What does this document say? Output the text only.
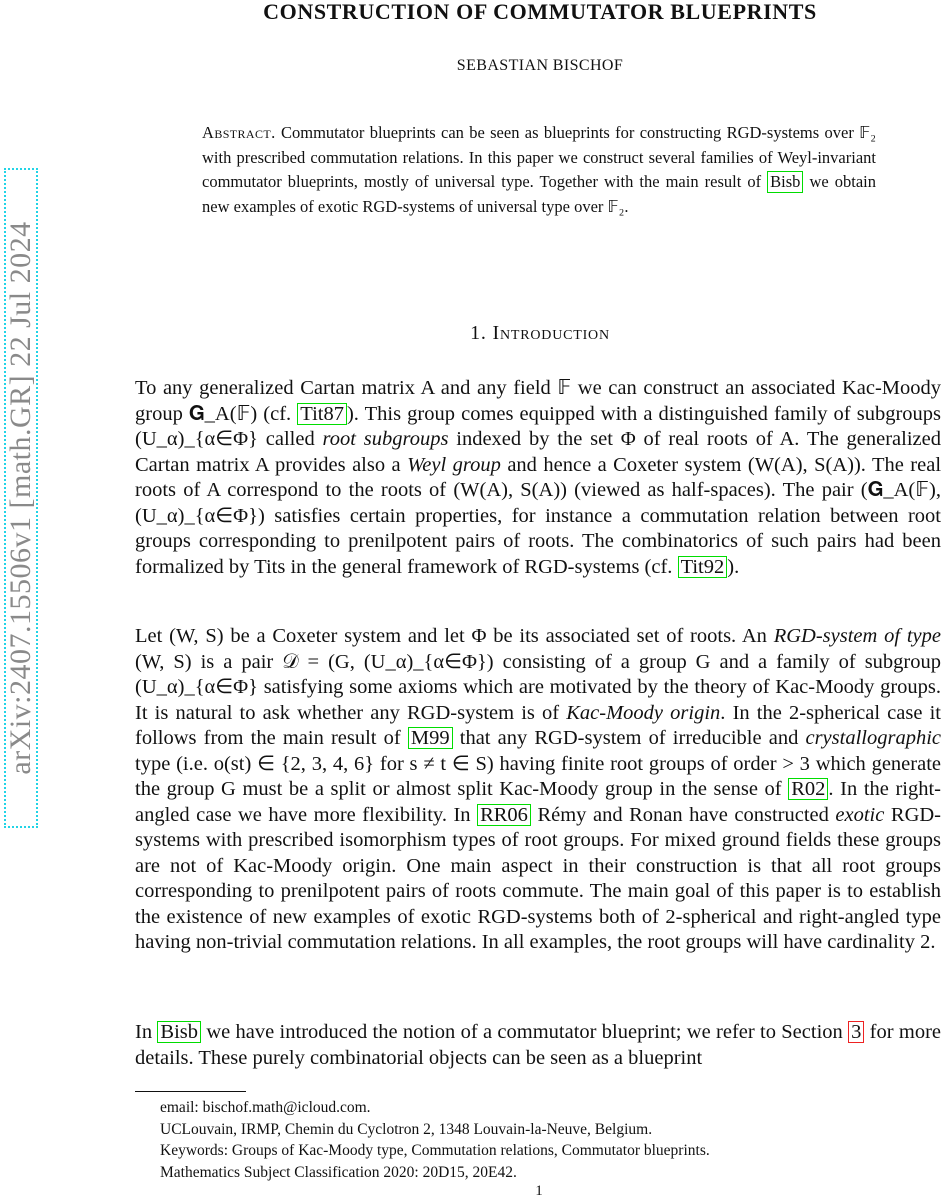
CONSTRUCTION OF COMMUTATOR BLUEPRINTS
SEBASTIAN BISCHOF
arXiv:2407.15506v1 [math.GR] 22 Jul 2024
Abstract. Commutator blueprints can be seen as blueprints for constructing RGD-systems over 𝔽₂ with prescribed commutation relations. In this paper we construct several families of Weyl-invariant commutator blueprints, mostly of universal type. Together with the main result of Bisb we obtain new examples of exotic RGD-systems of universal type over 𝔽₂.
1. Introduction
To any generalized Cartan matrix A and any field 𝔽 we can construct an associated Kac-Moody group 𝐆_A(𝔽) (cf. Tit87 ). This group comes equipped with a distinguished family of subgroups (U_α)_{α∈Φ} called root subgroups indexed by the set Φ of real roots of A. The generalized Cartan matrix A provides also a Weyl group and hence a Coxeter system (W(A), S(A)). The real roots of A correspond to the roots of (W(A), S(A)) (viewed as half-spaces). The pair (𝐆_A(𝔽), (U_α)_{α∈Φ}) satisfies certain properties, for instance a commutation relation between root groups corresponding to prenilpotent pairs of roots. The combinatorics of such pairs had been formalized by Tits in the general framework of RGD-systems (cf. Tit92 ).
Let (W, S) be a Coxeter system and let Φ be its associated set of roots. An RGD-system of type (W, S) is a pair 𝒟 = (G, (U_α)_{α∈Φ}) consisting of a group G and a family of subgroup (U_α)_{α∈Φ} satisfying some axioms which are motivated by the theory of Kac-Moody groups. It is natural to ask whether any RGD-system is of Kac-Moody origin. In the 2-spherical case it follows from the main result of M99 that any RGD-system of irreducible and crystallographic type (i.e. o(st) ∈ {2, 3, 4, 6} for s ≠ t ∈ S) having finite root groups of order > 3 which generate the group G must be a split or almost split Kac-Moody group in the sense of R02 . In the right-angled case we have more flexibility. In RR06 Rémy and Ronan have constructed exotic RGD-systems with prescribed isomorphism types of root groups. For mixed ground fields these groups are not of Kac-Moody origin. One main aspect in their construction is that all root groups corresponding to prenilpotent pairs of roots commute. The main goal of this paper is to establish the existence of new examples of exotic RGD-systems both of 2-spherical and right-angled type having non-trivial commutation relations. In all examples, the root groups will have cardinality 2.
In Bisb we have introduced the notion of a commutator blueprint; we refer to Section 3 for more details. These purely combinatorial objects can be seen as a blueprint
email: bischof.math@icloud.com.
UCLouvain, IRMP, Chemin du Cyclotron 2, 1348 Louvain-la-Neuve, Belgium.
Keywords: Groups of Kac-Moody type, Commutation relations, Commutator blueprints.
Mathematics Subject Classification 2020: 20D15, 20E42.
1
